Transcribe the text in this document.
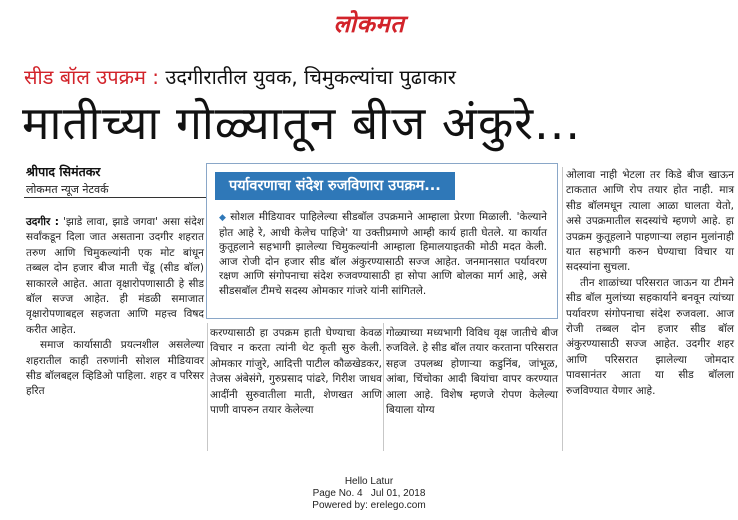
लोकमत
सीड बॉल उपक्रम : उदगीरातील युवक, चिमुकल्यांचा पुढाकार
मातीच्या गोळ्यातून बीज अंकुरे...
श्रीपाद सिमंतकर
लोकमत न्यूज नेटवर्क

उदगीर : 'झाडे लावा, झाडे जगवा' असा संदेश सर्वांकडून दिला जात असताना उदगीर शहरात तरुण आणि चिमुकल्यांनी एक मोट बांधून तब्बल दोन हजार बीज माती चेंडू (सीड बॉल) साकारले आहेत. आता वृक्षारोपणासाठी हे सीड बॉल सज्ज आहेत. ही मंडळी समाजात वृक्षारोपणाबद्दल सहजता आणि महत्त्व विषद करीत आहेत.

समाज कार्यासाठी प्रयत्नशील असलेल्या शहरातील काही तरुणांनी सोशल मीडियावर सीड बॉलबद्दल व्हिडिओ पाहिला. शहर व परिसर हरित

पर्यावरणाचा संदेश रुजविणारा उपक्रम...
◆ सोशल मीडियावर पाहिलेल्या सीडबॉल उपक्रमाने आम्हाला प्रेरणा मिळाली. 'केल्याने होत आहे रे, आधी केलेच पाहिजे' या उक्तीप्रमाणे आम्ही कार्य हाती घेतले. या कार्यात कुतूहलाने सहभागी झालेल्या चिमुकल्यांनी आम्हाला हिमालयाइतकी मोठी मदत केली. आज रोजी दोन हजार सीड बॉल अंकुरण्यासाठी सज्ज आहेत. जनमानसात पर्यावरण रक्षण आणि संगोपनाचा संदेश रुजवण्यासाठी हा सोपा आणि बोलका मार्ग आहे, असे सीडसबॉल टीमचे सदस्य ओमकार गांजरे यांनी सांगितले.
करण्यासाठी हा उपक्रम हाती घेण्याचा केवळ विचार न करता त्यांनी थेट कृती सुरु केली. ओमकार गांजुरे, आदित्ती पाटील कौळखेडकर, तेजस अंबेसंगे, गुरुप्रसाद पांढरे, गिरीश जाधव आदींनी सुरुवातीला माती, शेणखत आणि पाणी वापरुन तयार केलेल्या
गोळ्याच्या मध्यभागी विविध वृक्ष जातीचे बीज रुजविले. हे सीड बॉल तयार करताना परिसरात सहज उपलब्ध होणाऱ्या कडुनिंब, जांभूळ, आंबा, चिंचोका आदी बियांचा वापर करण्यात आला आहे. विशेष म्हणजे रोपण केलेल्या बियाला योग्य

ओलावा नाही भेटला तर किडे बीज खाऊन टाकतात आणि रोप तयार होत नाही. मात्र सीड बॉलमधून त्याला आळा घालता येतो, असे उपक्रमातील सदस्यांचे म्हणणे आहे. हा उपक्रम कुतूहलाने पाहणाऱ्या लहान मुलांनाही यात सहभागी करुन घेण्याचा विचार या सदस्यांना सुचला.

तीन शाळांच्या परिसरात जाऊन या टीमने सीड बॉल मुलांच्या सहकार्याने बनवून त्यांच्या पर्यावरण संगोपनाचा संदेश रुजवला. आज रोजी तब्बल दोन हजार सीड बॉल अंकुरण्यासाठी सज्ज आहेत. उदगीर शहर आणि परिसरात झालेल्या जोमदार पावसानंतर आता या सीड बॉलला रुजविण्यात येणार आहे.

Hello Latur
Page No. 4   Jul 01, 2018
Powered by: erelego.com
